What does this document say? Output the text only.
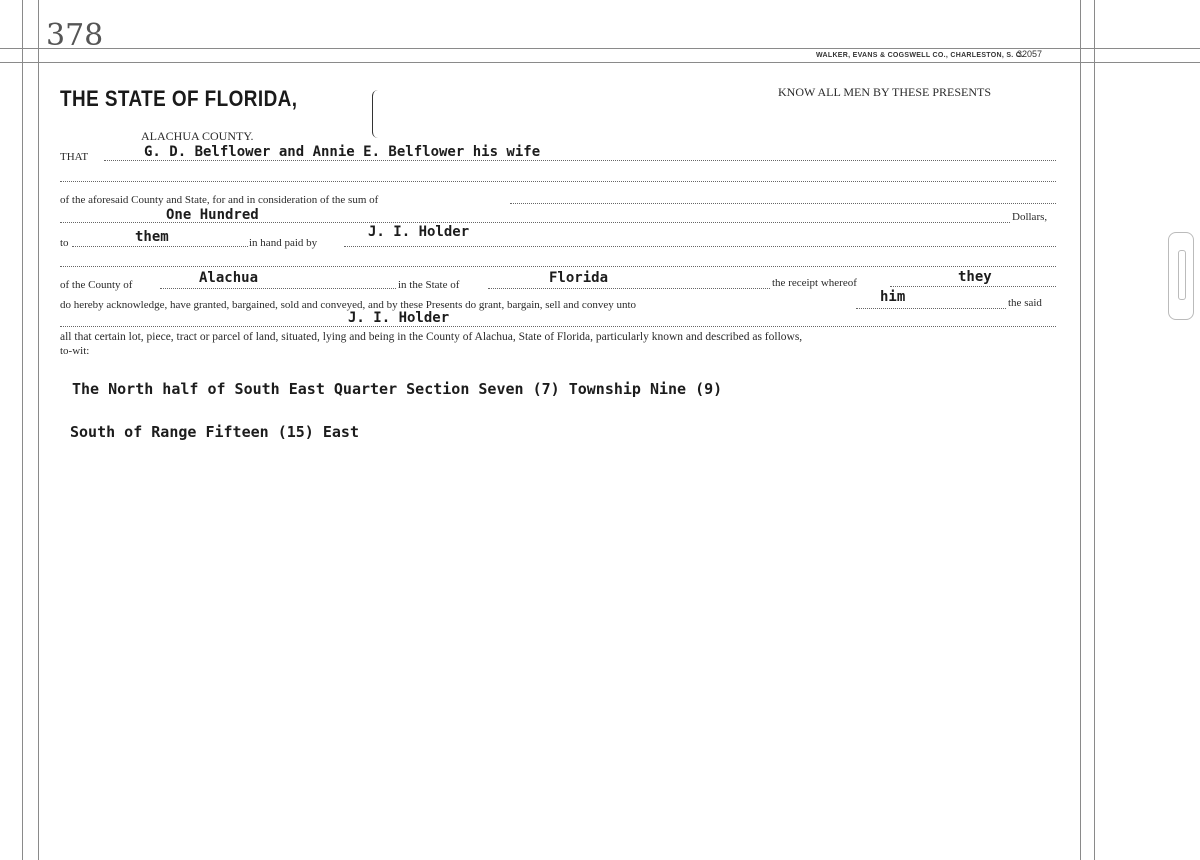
378
WALKER, EVANS & COGSWELL CO., CHARLESTON, S. C.
32057
THE STATE OF FLORIDA,	KNOW ALL MEN BY THESE PRESENTS
ALACHUA COUNTY.
THAT	G. D. Belflower and Annie E. Belflower his wife
of the aforesaid County and State, for and in consideration of the sum of
One Hundred	Dollars,
to	them	in hand paid by
J. I. Holder
of the County of	Alachua	in the State of	Florida	the receipt whereof	they
do hereby acknowledge, have granted, bargained, sold and conveyed, and by these Presents do grant, bargain, sell and convey unto	him	the said
J. I. Holder
all that certain lot, piece, tract or parcel of land, situated, lying and being in the County of Alachua, State of Florida, particularly known and described as follows,
to-wit:
The North half of South East Quarter Section Seven (7) Township Nine (9)
South of Range Fifteen (15) East
